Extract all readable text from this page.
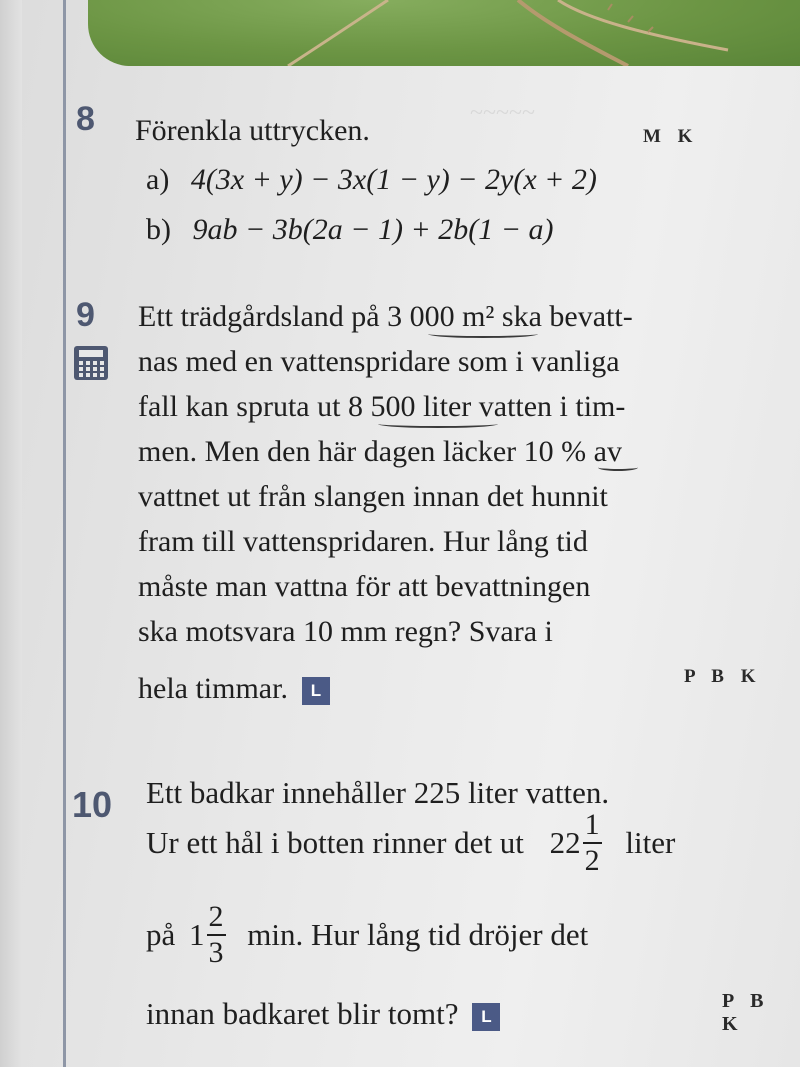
~~~~~
8 Förenkla uttrycken.	M K
a) 4(3x + y) − 3x(1 − y) − 2y(x + 2)
b) 9ab − 3b(2a − 1) + 2b(1 − a)
9 Ett trädgårdsland på 3 000 m² ska bevatt-
nas med en vattenspridare som i vanliga
fall kan spruta ut 8 500 liter vatten i tim-
men. Men den här dagen läcker 10 % av
vattnet ut från slangen innan det hunnit
fram till vattenspridaren. Hur lång tid
måste man vattna för att bevattningen
ska motsvara 10 mm regn? Svara i
hela timmar. L
P B K
10 Ett badkar innehåller 225 liter vatten.
Ur ett hål i botten rinner det ut $22 \frac{1}{2}$ liter
på $1 \frac{2}{3} \min$. Hur lång tid dröjer det
innan badkaret blir tomt? L
P B K
